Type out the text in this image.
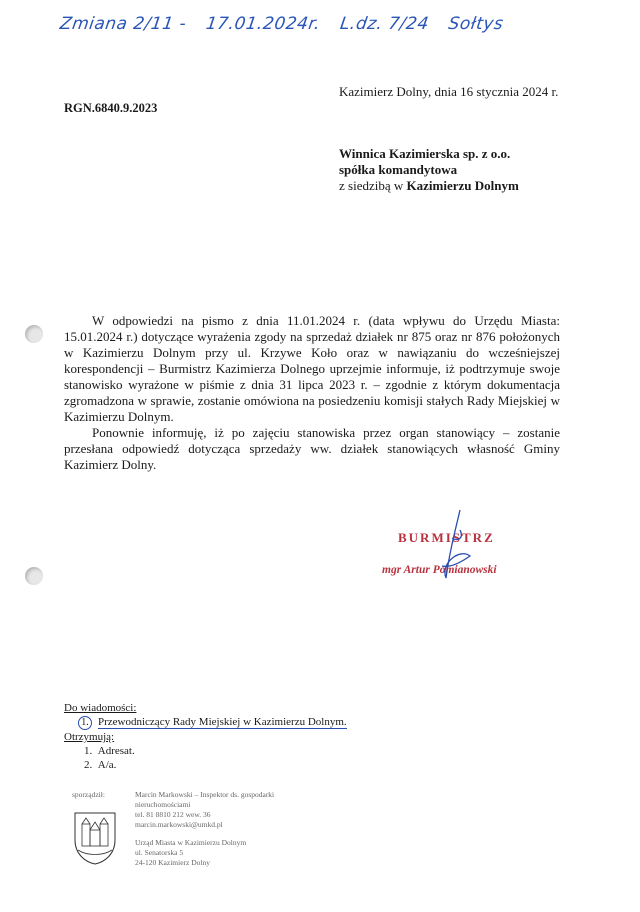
Zmiana 2/11 - 17.01.2024r. L.dz. 7/24 Sołtys
Kazimierz Dolny, dnia 16 stycznia 2024 r.
RGN.6840.9.2023
Winnica Kazimierska sp. z o.o.
spółka komandytowa
z siedzibą w Kazimierzu Dolnym

W odpowiedzi na pismo z dnia 11.01.2024 r. (data wpływu do Urzędu Miasta: 15.01.2024 r.) dotyczące wyrażenia zgody na sprzedaż działek nr 875 oraz nr 876 położonych w Kazimierzu Dolnym przy ul. Krzywe Koło oraz w nawiązaniu do wcześniejszej korespondencji – Burmistrz Kazimierza Dolnego uprzejmie informuje, iż podtrzymuje swoje stanowisko wyrażone w piśmie z dnia 31 lipca 2023 r. – zgodnie z którym dokumentacja zgromadzona w sprawie, zostanie omówiona na posiedzeniu komisji stałych Rady Miejskiej w Kazimierzu Dolnym.

Ponownie informuję, iż po zajęciu stanowiska przez organ stanowiący – zostanie przesłana odpowiedź dotycząca sprzedaży ww. działek stanowiących własność Gminy Kazimierz Dolny.

BURMISTRZ
mgr Artur Pomianowski
Do wiadomości:
1. Przewodniczący Rady Miejskiej w Kazimierzu Dolnym.
Otrzymują:
1. Adresat.
2. A/a.
sporządził:	Marcin Markowski – Inspektor ds. gospodarki
nieruchomościami
tel. 81 8810 212 wew. 36
marcin.markowski@umkd.pl
Urząd Miasta w Kazimierzu Dolnym
ul. Senatorska 5
24-120 Kazimierz Dolny
